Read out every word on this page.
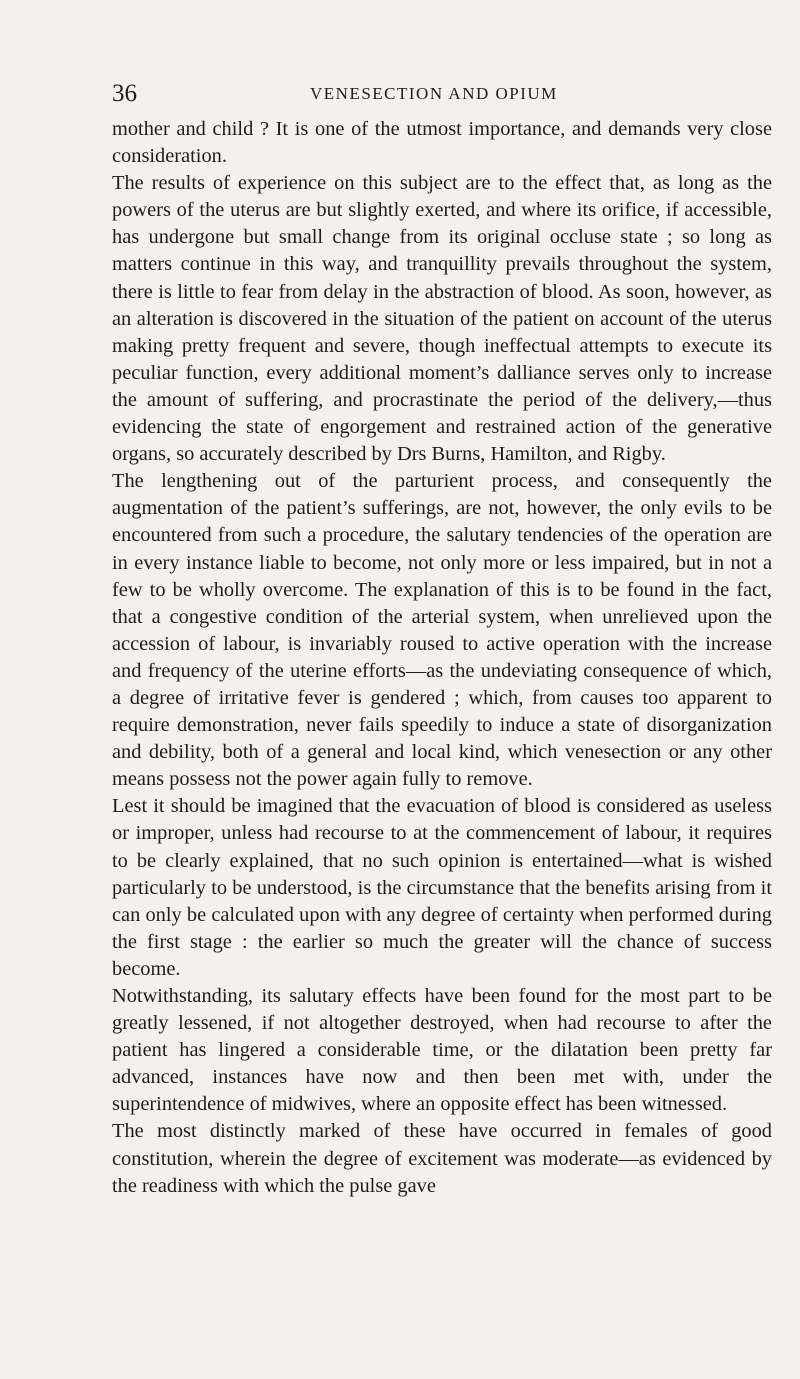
36	VENESECTION AND OPIUM

mother and child ? It is one of the utmost importance, and demands very close consideration.

The results of experience on this subject are to the effect that, as long as the powers of the uterus are but slightly exerted, and where its orifice, if accessible, has undergone but small change from its original occluse state ; so long as matters continue in this way, and tranquillity prevails throughout the system, there is little to fear from delay in the abstraction of blood. As soon, however, as an alteration is discovered in the situation of the patient on account of the uterus making pretty frequent and severe, though ineffectual attempts to execute its peculiar function, every additional moment’s dalliance serves only to increase the amount of suffering, and procrastinate the period of the delivery,—thus evidencing the state of engorgement and restrained action of the generative organs, so accurately described by Drs Burns, Hamilton, and Rigby.

The lengthening out of the parturient process, and consequently the augmentation of the patient’s sufferings, are not, however, the only evils to be encountered from such a procedure, the salutary tendencies of the operation are in every instance liable to become, not only more or less impaired, but in not a few to be wholly overcome. The explanation of this is to be found in the fact, that a congestive condition of the arterial system, when unrelieved upon the accession of labour, is invariably roused to active operation with the increase and frequency of the uterine efforts—as the undeviating consequence of which, a degree of irritative fever is gendered ; which, from causes too apparent to require demonstration, never fails speedily to induce a state of disorganization and debility, both of a general and local kind, which venesection or any other means possess not the power again fully to remove.

Lest it should be imagined that the evacuation of blood is considered as useless or improper, unless had recourse to at the commencement of labour, it requires to be clearly explained, that no such opinion is entertained—what is wished particularly to be understood, is the circumstance that the benefits arising from it can only be calculated upon with any degree of certainty when performed during the first stage : the earlier so much the greater will the chance of success become.

Notwithstanding, its salutary effects have been found for the most part to be greatly lessened, if not altogether destroyed, when had recourse to after the patient has lingered a considerable time, or the dilatation been pretty far advanced, instances have now and then been met with, under the superintendence of midwives, where an opposite effect has been witnessed.

The most distinctly marked of these have occurred in females of good constitution, wherein the degree of excitement was moderate—as evidenced by the readiness with which the pulse gave
